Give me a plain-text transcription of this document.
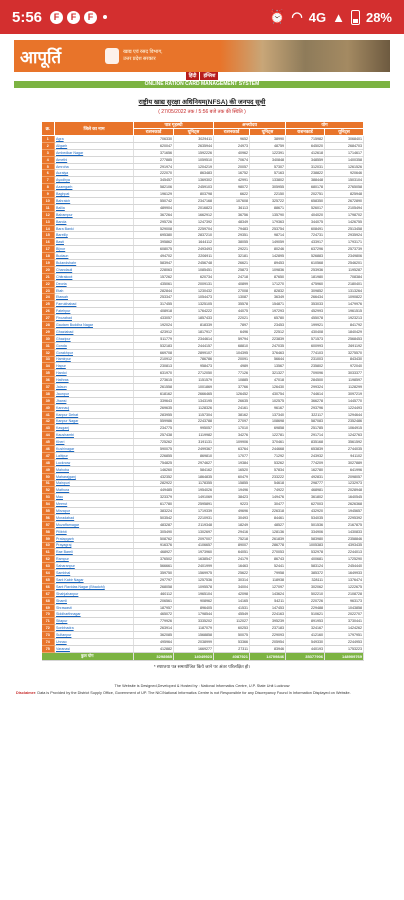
5:56	F	F	F	⏰ ◠ 4G ▲ 28%
आपूर्ति	खाद्य एवं रसद विभाग,
उत्तर प्रदेश सरकार
हिंदी	इंग्लिश
ONLINE RATION CARD MANAGEMENT SYSTEM
राष्ट्रीय खाद्य सुरक्षा अधिनियम(NFSA) की जनपद सूची
( 27/05/2022 तक / 5:56 बजे तक की स्थिति )
क्र.	जिले का नाम	पात्र गृहस्थी		अन्त्योदय		योग	
		राशनकार्ड	यूनिट्स	राशनकार्ड	यूनिट्स	राशनकार्ड	यूनिट्स
1	Agra	706330	3029411	9652	38990	715982	3068401
2	Aligarh	620047	2635944	24973	48759	645020	2684703
3	Ambedkar Nagar	371656	1592226	40962	122391	412618	1714617
4	Amethi	277885	1059510	70674	340848	348559	1400358
5	Amroha	291974	1204219	20057	57307	312031	1261526
6	Auraiya	222070	863483	16752	57163	238822	920646
7	Ayodhya	345457	1369302	42991	133802	388448	1503104
8	Azamgarh	582106	2459103	98072	305955	680178	2765058
9	Baghpat	196129	803798	6622	22150	202751	825948
10	Bahraich	550742	2347168	107608	325722	658350	2672890
11	Ballia	489904	2016823	36113	88671	526017	2105494
12	Balrampur	367264	1662912	36756	135790	404020	1798702
13	Banda	295726	1247392	48349	179363	344075	1426755
14	Bara Banki	529008	2259704	79483	253754	608491	2513458
15	Bareilly	695380	2837210	29351	98714	724731	2935924
16	Basti	395862	1644112	38055	149059	433917	1793171
17	Bijnor	608075	2493493	29221	80246	637296	2573739
18	Budaun	494702	2206911	32181	142895	526883	2349806
19	Bulandshahr	583947	2456748	26621	89453	610568	2546201
20	Chandauli	228063	1085451	25873	109836	253936	1195287
21	Chitrakoot	157262	620734	24718	87650	181980	708384
22	Deoria	435061	2009131	40899	171270	475960	2180401
23	Etah	282844	1230432	27008	82832	309852	1313264
24	Etawah	253347	1054473	13087	36349	266434	1090822
25	Farrukhabad	317455	1325105	35578	154871	353033	1479976
26	Fatehpur	408918	1764222	44075	197293	452993	1961515
27	Firozabad	433057	1857433	22021	65780	455078	1923213
28	Gautam Buddha Nagar	192024	818339	7897	23453	199921	841792
29	Ghaziabad	423912	1817917	6496	22512	430408	1840429
30	Ghazipur	511779	2344614	59794	223839	571573	2568453
31	Gonda	532183	2444157	68810	247035	600993	2691192
32	Gorakhpur	669708	2899107	104395	376463	774103	3275570
33	Hamirpur	210912	786786	20091	56644	231003	843430
34	Hapur	230813	958473	4989	13567	235802	972040
35	Hardoi	631970	2712050	77126	321327	709096	3033377
36	Hathras	273615	1151579	10885	47018	284500	1198597
37	Jalaun	261558	1001869	37766	126430	299324	1128299
38	Jaunpur	618162	2666465	126452	430754	744614	3097219
39	Jhansi	339643	1343195	26635	102575	366278	1445770
40	Kannauj	269635	1128326	24161	96167	293796	1224493
41	Kanpur Dehat	283955	1157304	38162	137340	322117	1294644
42	Kanpur Nagar	559986	2243788	27097	108698	587083	2352486
43	Kasganj	234775	995057	17010	69858	251785	1064915
44	Kaushambi	257438	1119982	34276	122781	291714	1242763
45	Kheri	725262	3191131	109906	370461	835168	3561592
46	Kushinagar	590075	2499367	63764	244668	653839	2744035
47	Lalitpur	226855	869810	17077	71292	243932	941102
48	Lucknow	754825	2974627	19384	53262	774209	3027889
49	Mahoba	146260	584162	16520	57834	162780	641996
50	Maharajganj	432352	1864835	60479	233222	492831	2098057
51	Mainpuri	282922	1178355	15855	54618	298777	1232973
52	Mathura	449485	1954026	19496	74922	468981	2028948
53	Mau	323379	1491069	38423	149476	361802	1640545
54	Meerut	617780	2595891	9223	30477	627003	2626368
55	Mirzapur	383224	1719339	49696	226318	432920	1945657
56	Moradabad	503542	2210931	30493	84461	534035	2295392
57	Muzaffarnagar	483287	2119348	18249	48527	501536	2167875
58	Pilibhit	305490	1302697	29416	128136	334906	1430833
59	Pratapgarh	508762	2097007	75218	261839	583980	2358846
60	Prayagraj	916376	4106657	89007	286778	1005383	4393435
61	Rae Bareli	468927	1973960	64051	270053	532978	2244013
62	Rampur	376502	1638547	24179	86743	400681	1725290
63	Saharanpur	566661	2401999	16463	52441	583124	2454440
64	Sambhal	359750	1569975	25622	79958	385372	1649933
65	Sant Kabir Nagar	297797	1257536	30314	118938	328111	1376474
66	Sant Ravidas Nagar (Bhadohi)	268058	1095578	34004	127097	302062	1222675
67	Shahjahanpur	460112	1965104	42098	143624	502210	2108728
68	Shamli	206561	908962	14165	54211	220726	963173
69	Shrawasti	187957	896405	41531	147453	229488	1043858
70	Siddharthnagar	465072	1798544	45549	224163	510621	2022707
71	Sitapur	779926	3335202	112027	395239	891953	3730441
72	Sonbhadra	263914	1187079	60253	237183	324167	1424262
73	Sultanpur	362085	1568858	50075	229093	412160	1797951
74	Unnao	495964	2038999	53366	205954	549330	2244953
75	Varanasi	412882	1669277	27311	83946	440193	1753223
कुल योग		3298985	14049923	4087921	14709846	35377906	148909769
* स्पष्टतया पत्र समायोजित किये जाने पर अंतर परिलक्षित हो।
The Website is Designed,Developed & Hosted by : National Informatics Centre, U.P. State Unit Lucknow
Disclaimer: Data is Provided by the District Supply Office, Government of UP. The NIC/National Informatics Centre is not Responsible for any Discrepancy Found In Information Displayed on Website.
